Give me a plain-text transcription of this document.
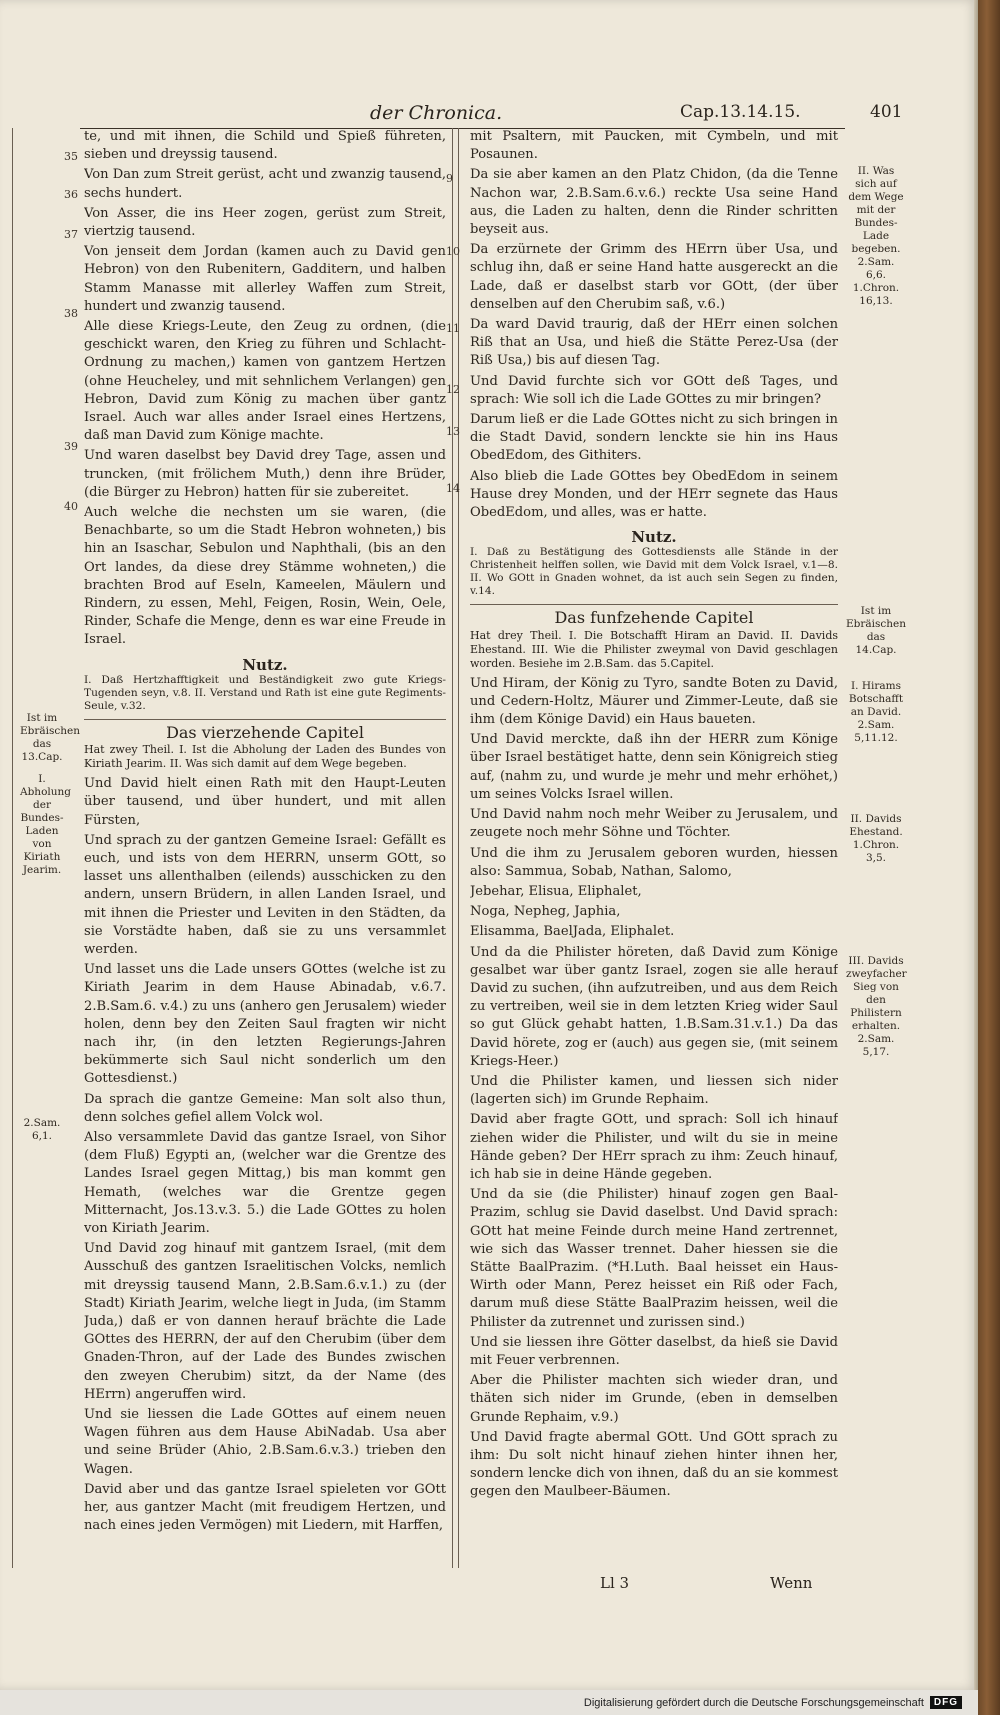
der Chronica.	Cap.13.14.15.	401

te, und mit ihnen, die Schild und Spieß führeten, sieben und dreyssig tausend.

Von Dan zum Streit gerüst, acht und zwanzig tausend, sechs hundert.

Von Asser, die ins Heer zogen, gerüst zum Streit, viertzig tausend.

Von jenseit dem Jordan (kamen auch zu David gen Hebron) von den Rubenitern, Gadditern, und halben Stamm Manasse mit allerley Waffen zum Streit, hundert und zwanzig tausend.

Alle diese Kriegs-Leute, den Zeug zu ordnen, (die geschickt waren, den Krieg zu führen und Schlacht-Ordnung zu machen,) kamen von gantzem Hertzen (ohne Heucheley, und mit sehnlichem Verlangen) gen Hebron, David zum König zu machen über gantz Israel. Auch war alles ander Israel eines Hertzens, daß man David zum Könige machte.

Und waren daselbst bey David drey Tage, assen und truncken, (mit frölichem Muth,) denn ihre Brüder, (die Bürger zu Hebron) hatten für sie zubereitet.

Auch welche die nechsten um sie waren, (die Benachbarte, so um die Stadt Hebron wohneten,) bis hin an Isaschar, Sebulon und Naphthali, (bis an den Ort landes, da diese drey Stämme wohneten,) die brachten Brod auf Eseln, Kameelen, Mäulern und Rindern, zu essen, Mehl, Feigen, Rosin, Wein, Oele, Rinder, Schafe die Menge, denn es war eine Freude in Israel.

Nutz.
I. Daß Hertzhafftigkeit und Beständigkeit zwo gute Kriegs-Tugenden seyn, v.8. II. Verstand und Rath ist eine gute Regiments-Seule, v.32.
Das vierzehende Capitel
Hat zwey Theil. I. Ist die Abholung der Laden des Bundes von Kiriath Jearim. II. Was sich damit auf dem Wege begeben.

Und David hielt einen Rath mit den Haupt-Leuten über tausend, und über hundert, und mit allen Fürsten,

Und sprach zu der gantzen Gemeine Israel: Gefällt es euch, und ists von dem HERRN, unserm GOtt, so lasset uns allenthalben (eilends) ausschicken zu den andern, unsern Brüdern, in allen Landen Israel, und mit ihnen die Priester und Leviten in den Städten, da sie Vorstädte haben, daß sie zu uns versammlet werden.

Und lasset uns die Lade unsers GOttes (welche ist zu Kiriath Jearim in dem Hause Abinadab, v.6.7. 2.B.Sam.6. v.4.) zu uns (anhero gen Jerusalem) wieder holen, denn bey den Zeiten Saul fragten wir nicht nach ihr, (in den letzten Regierungs-Jahren bekümmerte sich Saul nicht sonderlich um den Gottesdienst.)

Da sprach die gantze Gemeine: Man solt also thun, denn solches gefiel allem Volck wol.

Also versammlete David das gantze Israel, von Sihor (dem Fluß) Egypti an, (welcher war die Grentze des Landes Israel gegen Mittag,) bis man kommt gen Hemath, (welches war die Grentze gegen Mitternacht, Jos.13.v.3. 5.) die Lade GOttes zu holen von Kiriath Jearim.

Und David zog hinauf mit gantzem Israel, (mit dem Ausschuß des gantzen Israelitischen Volcks, nemlich mit dreyssig tausend Mann, 2.B.Sam.6.v.1.) zu (der Stadt) Kiriath Jearim, welche liegt in Juda, (im Stamm Juda,) daß er von dannen herauf brächte die Lade GOttes des HERRN, der auf den Cherubim (über dem Gnaden-Thron, auf der Lade des Bundes zwischen den zweyen Cherubim) sitzt, da der Name (des HErrn) angeruffen wird.

Und sie liessen die Lade GOttes auf einem neuen Wagen führen aus dem Hause AbiNadab. Usa aber und seine Brüder (Ahio, 2.B.Sam.6.v.3.) trieben den Wagen.

David aber und das gantze Israel spieleten vor GOtt her, aus gantzer Macht (mit freudigem Hertzen, und nach eines jeden Vermögen) mit Liedern, mit Harffen,

mit Psaltern, mit Paucken, mit Cymbeln, und mit Posaunen.

Da sie aber kamen an den Platz Chidon, (da die Tenne Nachon war, 2.B.Sam.6.v.6.) reckte Usa seine Hand aus, die Laden zu halten, denn die Rinder schritten beyseit aus.

Da erzürnete der Grimm des HErrn über Usa, und schlug ihn, daß er seine Hand hatte ausgereckt an die Lade, daß er daselbst starb vor GOtt, (der über denselben auf den Cherubim saß, v.6.)

Da ward David traurig, daß der HErr einen solchen Riß that an Usa, und hieß die Stätte Perez-Usa (der Riß Usa,) bis auf diesen Tag.

Und David furchte sich vor GOtt deß Tages, und sprach: Wie soll ich die Lade GOttes zu mir bringen?

Darum ließ er die Lade GOttes nicht zu sich bringen in die Stadt David, sondern lenckte sie hin ins Haus ObedEdom, des Githiters.

Also blieb die Lade GOttes bey ObedEdom in seinem Hause drey Monden, und der HErr segnete das Haus ObedEdom, und alles, was er hatte.

Nutz.
I. Daß zu Bestätigung des Gottesdiensts alle Stände in der Christenheit helffen sollen, wie David mit dem Volck Israel, v.1—8. II. Wo GOtt in Gnaden wohnet, da ist auch sein Segen zu finden, v.14.
Das funfzehende Capitel
Hat drey Theil. I. Die Botschafft Hiram an David. II. Davids Ehestand. III. Wie die Philister zweymal von David geschlagen worden. Besiehe im 2.B.Sam. das 5.Capitel.

Und Hiram, der König zu Tyro, sandte Boten zu David, und Cedern-Holtz, Mäurer und Zimmer-Leute, daß sie ihm (dem Könige David) ein Haus baueten.

Und David merckte, daß ihn der HERR zum Könige über Israel bestätiget hatte, denn sein Königreich stieg auf, (nahm zu, und wurde je mehr und mehr erhöhet,) um seines Volcks Israel willen.

Und David nahm noch mehr Weiber zu Jerusalem, und zeugete noch mehr Söhne und Töchter.

Und die ihm zu Jerusalem geboren wurden, hiessen also: Sammua, Sobab, Nathan, Salomo,

Jebehar, Elisua, Eliphalet,

Noga, Nepheg, Japhia,

Elisamma, BaelJada, Eliphalet.

Und da die Philister höreten, daß David zum Könige gesalbet war über gantz Israel, zogen sie alle herauf David zu suchen, (ihn aufzutreiben, und aus dem Reich zu vertreiben, weil sie in dem letzten Krieg wider Saul so gut Glück gehabt hatten, 1.B.Sam.31.v.1.) Da das David hörete, zog er (auch) aus gegen sie, (mit seinem Kriegs-Heer.)

Und die Philister kamen, und liessen sich nider (lagerten sich) im Grunde Rephaim.

David aber fragte GOtt, und sprach: Soll ich hinauf ziehen wider die Philister, und wilt du sie in meine Hände geben? Der HErr sprach zu ihm: Zeuch hinauf, ich hab sie in deine Hände gegeben.

Und da sie (die Philister) hinauf zogen gen Baal-Prazim, schlug sie David daselbst. Und David sprach: GOtt hat meine Feinde durch meine Hand zertrennet, wie sich das Wasser trennet. Daher hiessen sie die Stätte BaalPrazim. (*H.Luth. Baal heisset ein Haus-Wirth oder Mann, Perez heisset ein Riß oder Fach, darum muß diese Stätte BaalPrazim heissen, weil die Philister da zutrennet und zurissen sind.)

Und sie liessen ihre Götter daselbst, da hieß sie David mit Feuer verbrennen.

Aber die Philister machten sich wieder dran, und thäten sich nider im Grunde, (eben in demselben Grunde Rephaim, v.9.)

Und David fragte abermal GOtt. Und GOtt sprach zu ihm: Du solt nicht hinauf ziehen hinter ihnen her, sondern lencke dich von ihnen, daß du an sie kommest gegen den Maulbeer-Bäumen.

35
36
37
38
39
40
9
10
11
12
13
14
II. Was sich auf dem Wege mit der Bundes-Lade begeben. 2.Sam. 6,6. 1.Chron. 16,13.
Ist im Ebräischen das 14.Cap.
I. Hirams Botschafft an David. 2.Sam. 5,11.12.
II. Davids Ehestand. 1.Chron. 3,5.
III. Davids zweyfacher Sieg von den Philistern erhalten. 2.Sam. 5,17.
Ist im Ebräischen das 13.Cap.
I. Abholung der Bundes-Laden von Kiriath Jearim.
2.Sam. 6,1.
Ll 3	Wenn
Digitalisierung gefördert durch die Deutsche Forschungsgemeinschaft	DFG
